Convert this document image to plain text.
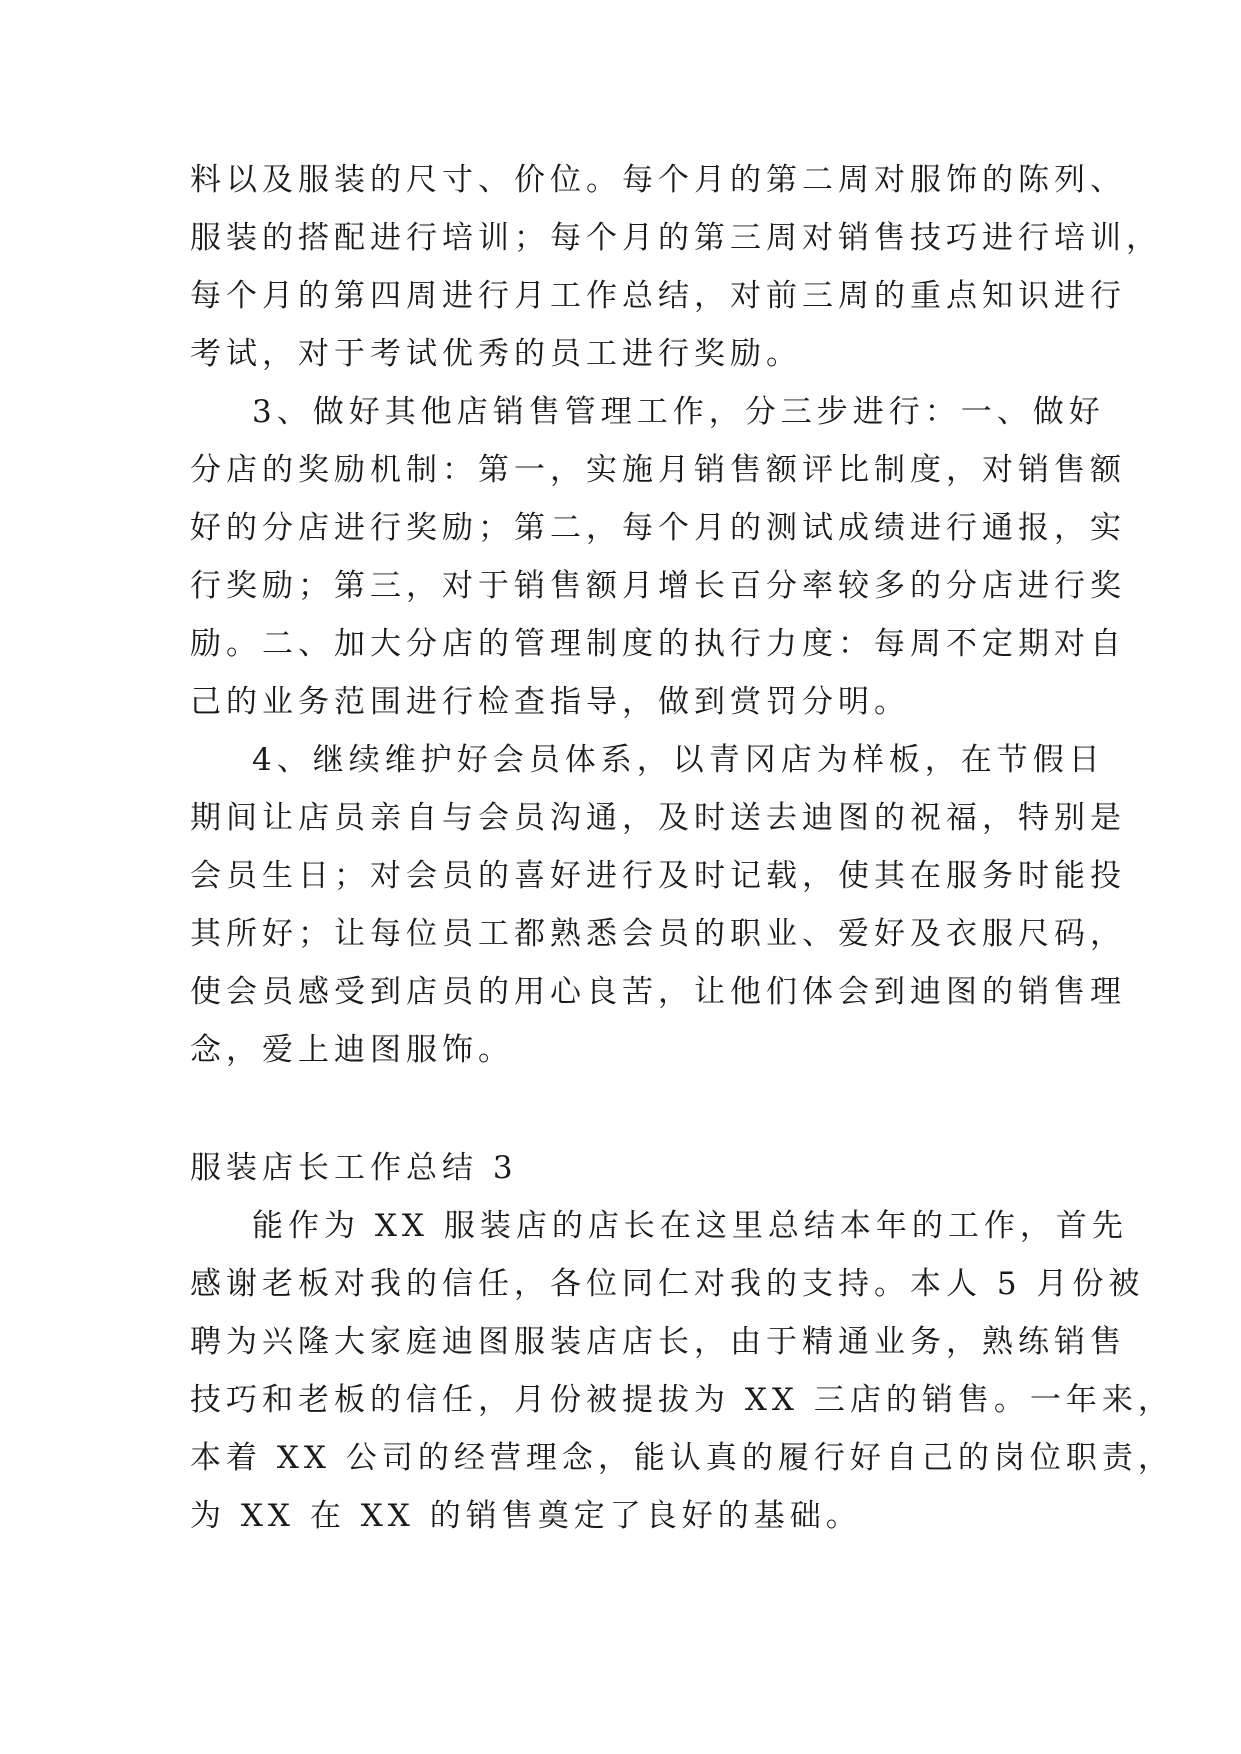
料以及服装的尺寸、价位。每个月的第二周对服饰的陈列、
服装的搭配进行培训；每个月的第三周对销售技巧进行培训，
每个月的第四周进行月工作总结，对前三周的重点知识进行
考试，对于考试优秀的员工进行奖励。
3、做好其他店销售管理工作，分三步进行：一、做好
分店的奖励机制：第一，实施月销售额评比制度，对销售额
好的分店进行奖励；第二，每个月的测试成绩进行通报，实
行奖励；第三，对于销售额月增长百分率较多的分店进行奖
励。二、加大分店的管理制度的执行力度：每周不定期对自
己的业务范围进行检查指导，做到赏罚分明。
4、继续维护好会员体系，以青冈店为样板，在节假日
期间让店员亲自与会员沟通，及时送去迪图的祝福，特别是
会员生日；对会员的喜好进行及时记载，使其在服务时能投
其所好；让每位员工都熟悉会员的职业、爱好及衣服尺码，
使会员感受到店员的用心良苦，让他们体会到迪图的销售理
念，爱上迪图服饰。
服装店长工作总结 3
能作为 XX 服装店的店长在这里总结本年的工作，首先
感谢老板对我的信任，各位同仁对我的支持。本人 5 月份被
聘为兴隆大家庭迪图服装店店长，由于精通业务，熟练销售
技巧和老板的信任，月份被提拔为 XX 三店的销售。一年来，
本着 XX 公司的经营理念，能认真的履行好自己的岗位职责，
为 XX 在 XX 的销售奠定了良好的基础。
